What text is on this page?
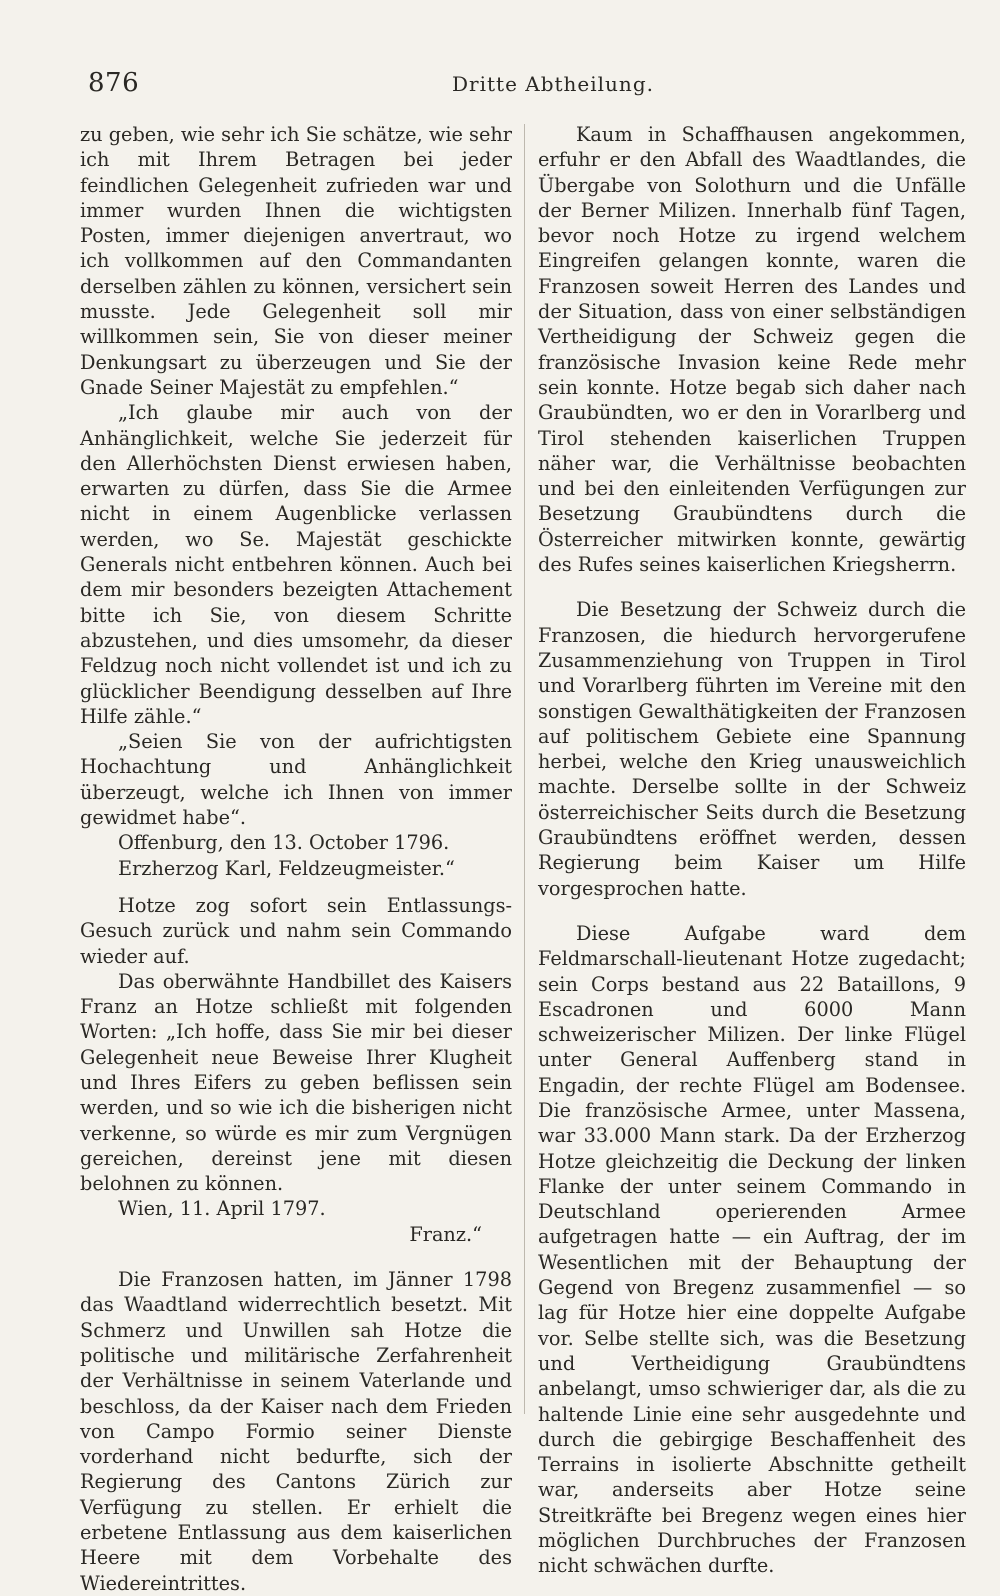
876	Dritte Abtheilung.

zu geben, wie sehr ich Sie schätze, wie sehr ich mit Ihrem Betragen bei jeder feindlichen Gelegenheit zufrieden war und immer wurden Ihnen die wichtigsten Posten, immer diejenigen anvertraut, wo ich vollkommen auf den Commandanten derselben zählen zu können, versichert sein musste. Jede Gelegenheit soll mir willkommen sein, Sie von dieser meiner Denkungsart zu überzeugen und Sie der Gnade Seiner Majestät zu empfehlen.“

„Ich glaube mir auch von der Anhänglichkeit, welche Sie jederzeit für den Allerhöchsten Dienst erwiesen haben, erwarten zu dürfen, dass Sie die Armee nicht in einem Augenblicke verlassen werden, wo Se. Majestät geschickte Generals nicht entbehren können. Auch bei dem mir besonders bezeigten Attachement bitte ich Sie, von diesem Schritte abzustehen, und dies umsomehr, da dieser Feldzug noch nicht vollendet ist und ich zu glücklicher Beendigung desselben auf Ihre Hilfe zähle.“

„Seien Sie von der aufrichtigsten Hochachtung und Anhänglichkeit überzeugt, welche ich Ihnen von immer gewidmet habe“.

Offenburg, den 13. October 1796.

Erzherzog Karl, Feldzeugmeister.“

Hotze zog sofort sein Entlassungs-Gesuch zurück und nahm sein Commando wieder auf.

Das oberwähnte Handbillet des Kaisers Franz an Hotze schließt mit folgenden Worten: „Ich hoffe, dass Sie mir bei dieser Gelegenheit neue Beweise Ihrer Klugheit und Ihres Eifers zu geben beflissen sein werden, und so wie ich die bisherigen nicht verkenne, so würde es mir zum Vergnügen gereichen, dereinst jene mit diesen belohnen zu können.

Wien, 11. April 1797.

Franz.“

Die Franzosen hatten, im Jänner 1798 das Waadtland widerrechtlich besetzt. Mit Schmerz und Unwillen sah Hotze die politische und militärische Zerfahrenheit der Verhältnisse in seinem Vaterlande und beschloss, da der Kaiser nach dem Frieden von Campo Formio seiner Dienste vorderhand nicht bedurfte, sich der Regierung des Cantons Zürich zur Verfügung zu stellen. Er erhielt die erbetene Entlassung aus dem kaiserlichen Heere mit dem Vorbehalte des Wiedereintrittes.

Kaum in Schaffhausen angekommen, erfuhr er den Abfall des Waadtlandes, die Übergabe von Solothurn und die Unfälle der Berner Milizen. Innerhalb fünf Tagen, bevor noch Hotze zu irgend welchem Eingreifen gelangen konnte, waren die Franzosen soweit Herren des Landes und der Situation, dass von einer selbständigen Vertheidigung der Schweiz gegen die französische Invasion keine Rede mehr sein konnte. Hotze begab sich daher nach Graubündten, wo er den in Vorarlberg und Tirol stehenden kaiserlichen Truppen näher war, die Verhältnisse beobachten und bei den einleitenden Verfügungen zur Besetzung Graubündtens durch die Österreicher mitwirken konnte, gewärtig des Rufes seines kaiserlichen Kriegsherrn.

Die Besetzung der Schweiz durch die Franzosen, die hiedurch hervorgerufene Zusammenziehung von Truppen in Tirol und Vorarlberg führten im Vereine mit den sonstigen Gewalthätigkeiten der Franzosen auf politischem Gebiete eine Spannung herbei, welche den Krieg unausweichlich machte. Derselbe sollte in der Schweiz österreichischer Seits durch die Besetzung Graubündtens eröffnet werden, dessen Regierung beim Kaiser um Hilfe vorgesprochen hatte.

Diese Aufgabe ward dem Feldmarschall-lieutenant Hotze zugedacht; sein Corps bestand aus 22 Bataillons, 9 Escadronen und 6000 Mann schweizerischer Milizen. Der linke Flügel unter General Auffenberg stand in Engadin, der rechte Flügel am Bodensee. Die französische Armee, unter Massena, war 33.000 Mann stark. Da der Erzherzog Hotze gleichzeitig die Deckung der linken Flanke der unter seinem Commando in Deutschland operierenden Armee aufgetragen hatte — ein Auftrag, der im Wesentlichen mit der Behauptung der Gegend von Bregenz zusammenfiel — so lag für Hotze hier eine doppelte Aufgabe vor. Selbe stellte sich, was die Besetzung und Vertheidigung Graubündtens anbelangt, umso schwieriger dar, als die zu haltende Linie eine sehr ausgedehnte und durch die gebirgige Beschaffenheit des Terrains in isolierte Abschnitte getheilt war, anderseits aber Hotze seine Streitkräfte bei Bregenz wegen eines hier möglichen Durchbruches der Franzosen nicht schwächen durfte.
